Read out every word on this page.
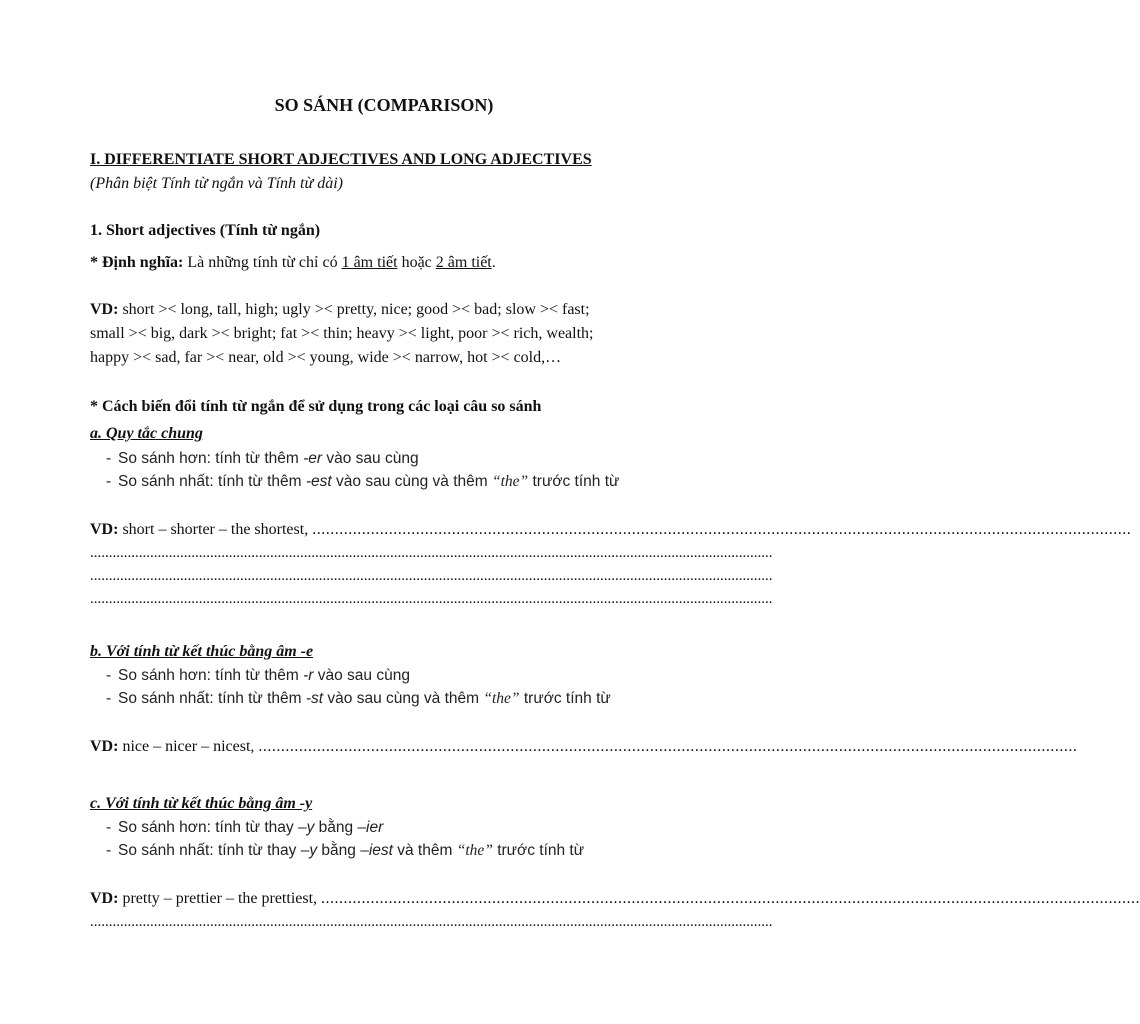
SO SÁNH (COMPARISON)
I. DIFFERENTIATE SHORT ADJECTIVES AND LONG ADJECTIVES
(Phân biệt Tính từ ngắn và Tính từ dài)
1. Short adjectives (Tính từ ngắn)
* Định nghĩa: Là những tính từ chỉ có 1 âm tiết hoặc 2 âm tiết.
VD: short >< long, tall, high; ugly >< pretty, nice; good >< bad; slow >< fast;
small >< big, dark >< bright; fat >< thin; heavy >< light, poor >< rich, wealth;
happy >< sad, far >< near, old >< young, wide >< narrow, hot >< cold,…
* Cách biến đổi tính từ ngắn để sử dụng trong các loại câu so sánh
a. Quy tắc chung
- So sánh hơn: tính từ thêm -er vào sau cùng
- So sánh nhất: tính từ thêm -est vào sau cùng và thêm “the” trước tính từ
VD: short – shorter – the shortest, ......................................................................................................................................................................................
......................................................................................................................................................................................
......................................................................................................................................................................................
......................................................................................................................................................................................
b. Với tính từ kết thúc bằng âm -e
- So sánh hơn: tính từ thêm -r vào sau cùng
- So sánh nhất: tính từ thêm -st vào sau cùng và thêm “the” trước tính từ
VD: nice – nicer – nicest, ......................................................................................................................................................................................
c. Với tính từ kết thúc bằng âm -y
- So sánh hơn: tính từ thay –y bằng –ier
- So sánh nhất: tính từ thay –y bằng –iest và thêm “the” trước tính từ
VD: pretty – prettier – the prettiest, ......................................................................................................................................................................................
......................................................................................................................................................................................
